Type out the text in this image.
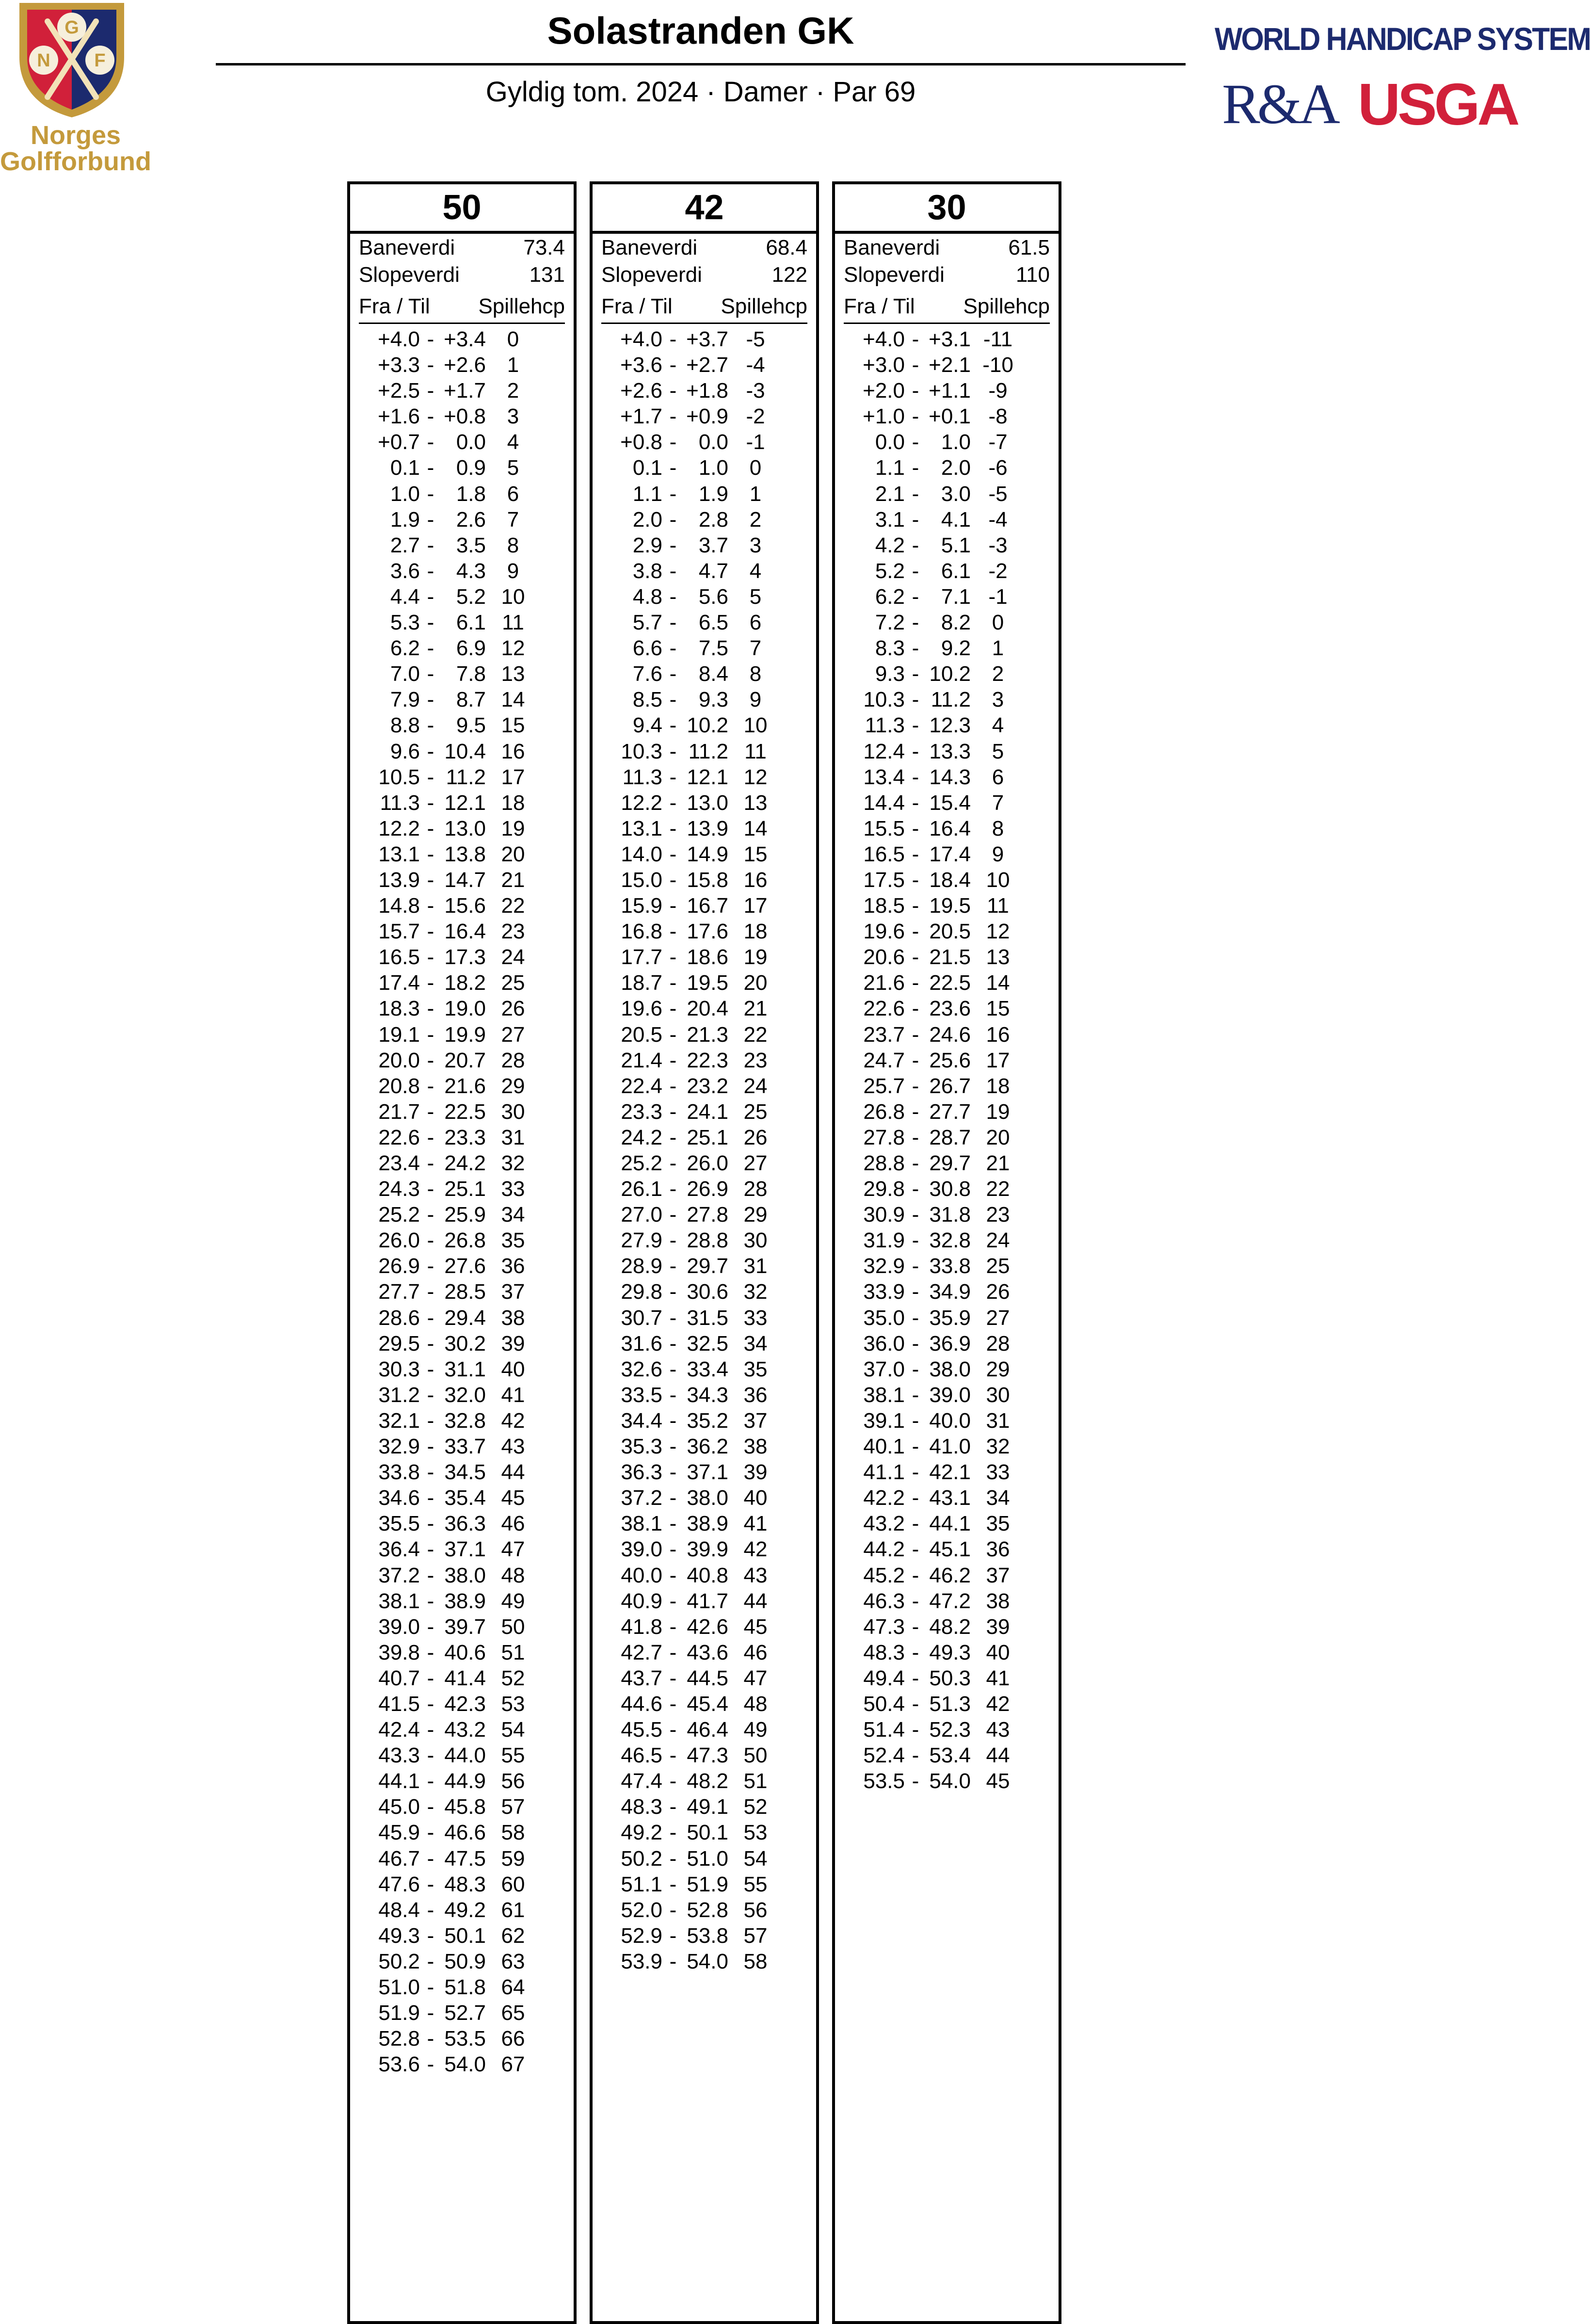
G
N F
Norges
Golfforbund
Solastranden GK
Gyldig tom. 2024 · Damer · Par 69
WORLD HANDICAP SYSTEM
R&A USGA
50
Baneverdi	73.4
Slopeverdi	131
Fra / Til Spillehcp
+4.0 - +3.4 0
+3.3 - +2.6 1
+2.5 - +1.7 2
+1.6 - +0.8 3
+0.7 -	0.0 4
0.1 -	0.9 5
1.0 -	1.8 6
1.9 -	2.6 7
2.7 -	3.5 8
3.6 -	4.3 9
4.4 -	5.2 10
5.3 -	6.1 11
6.2 -	6.9 12
7.0 -	7.8 13
7.9 -	8.7 14
8.8 -	9.5 15
9.6 - 10.4 16
10.5 - 11.2 17
11.3 - 12.1 18
12.2 - 13.0 19
13.1 - 13.8 20
13.9 - 14.7 21
14.8 - 15.6 22
15.7 - 16.4 23
16.5 - 17.3 24
17.4 - 18.2 25
18.3 - 19.0 26
19.1 - 19.9 27
20.0 - 20.7 28
20.8 - 21.6 29
21.7 - 22.5 30
22.6 - 23.3 31
23.4 - 24.2 32
24.3 - 25.1 33
25.2 - 25.9 34
26.0 - 26.8 35
26.9 - 27.6 36
27.7 - 28.5 37
28.6 - 29.4 38
29.5 - 30.2 39
30.3 - 31.1 40
31.2 - 32.0 41
32.1 - 32.8 42
32.9 - 33.7 43
33.8 - 34.5 44
34.6 - 35.4 45
35.5 - 36.3 46
36.4 - 37.1 47
37.2 - 38.0 48
38.1 - 38.9 49
39.0 - 39.7 50
39.8 - 40.6 51
40.7 - 41.4 52
41.5 - 42.3 53
42.4 - 43.2 54
43.3 - 44.0 55
44.1 - 44.9 56
45.0 - 45.8 57
45.9 - 46.6 58
46.7 - 47.5 59
47.6 - 48.3 60
48.4 - 49.2 61
49.3 - 50.1 62
50.2 - 50.9 63
51.0 - 51.8 64
51.9 - 52.7 65
52.8 - 53.5 66
53.6 - 54.0 67
42
Baneverdi	68.4
Slopeverdi	122
Fra / Til Spillehcp
+4.0 - +3.7 -5
+3.6 - +2.7 -4
+2.6 - +1.8 -3
+1.7 - +0.9 -2
+0.8 -	0.0 -1
0.1 -	1.0 0
1.1 -	1.9 1
2.0 -	2.8 2
2.9 -	3.7 3
3.8 -	4.7 4
4.8 -	5.6 5
5.7 -	6.5 6
6.6 -	7.5 7
7.6 -	8.4 8
8.5 -	9.3 9
9.4 - 10.2 10
10.3 - 11.2 11
11.3 - 12.1 12
12.2 - 13.0 13
13.1 - 13.9 14
14.0 - 14.9 15
15.0 - 15.8 16
15.9 - 16.7 17
16.8 - 17.6 18
17.7 - 18.6 19
18.7 - 19.5 20
19.6 - 20.4 21
20.5 - 21.3 22
21.4 - 22.3 23
22.4 - 23.2 24
23.3 - 24.1 25
24.2 - 25.1 26
25.2 - 26.0 27
26.1 - 26.9 28
27.0 - 27.8 29
27.9 - 28.8 30
28.9 - 29.7 31
29.8 - 30.6 32
30.7 - 31.5 33
31.6 - 32.5 34
32.6 - 33.4 35
33.5 - 34.3 36
34.4 - 35.2 37
35.3 - 36.2 38
36.3 - 37.1 39
37.2 - 38.0 40
38.1 - 38.9 41
39.0 - 39.9 42
40.0 - 40.8 43
40.9 - 41.7 44
41.8 - 42.6 45
42.7 - 43.6 46
43.7 - 44.5 47
44.6 - 45.4 48
45.5 - 46.4 49
46.5 - 47.3 50
47.4 - 48.2 51
48.3 - 49.1 52
49.2 - 50.1 53
50.2 - 51.0 54
51.1 - 51.9 55
52.0 - 52.8 56
52.9 - 53.8 57
53.9 - 54.0 58
30
Baneverdi	61.5
Slopeverdi	110
Fra / Til Spillehcp
+4.0 - +3.1 -11
+3.0 - +2.1 -10
+2.0 - +1.1 -9
+1.0 - +0.1 -8
0.0 -	1.0 -7
1.1 -	2.0 -6
2.1 -	3.0 -5
3.1 -	4.1 -4
4.2 -	5.1 -3
5.2 -	6.1 -2
6.2 -	7.1 -1
7.2 -	8.2 0
8.3 -	9.2 1
9.3 - 10.2 2
10.3 - 11.2 3
11.3 - 12.3 4
12.4 - 13.3 5
13.4 - 14.3 6
14.4 - 15.4 7
15.5 - 16.4 8
16.5 - 17.4 9
17.5 - 18.4 10
18.5 - 19.5 11
19.6 - 20.5 12
20.6 - 21.5 13
21.6 - 22.5 14
22.6 - 23.6 15
23.7 - 24.6 16
24.7 - 25.6 17
25.7 - 26.7 18
26.8 - 27.7 19
27.8 - 28.7 20
28.8 - 29.7 21
29.8 - 30.8 22
30.9 - 31.8 23
31.9 - 32.8 24
32.9 - 33.8 25
33.9 - 34.9 26
35.0 - 35.9 27
36.0 - 36.9 28
37.0 - 38.0 29
38.1 - 39.0 30
39.1 - 40.0 31
40.1 - 41.0 32
41.1 - 42.1 33
42.2 - 43.1 34
43.2 - 44.1 35
44.2 - 45.1 36
45.2 - 46.2 37
46.3 - 47.2 38
47.3 - 48.2 39
48.3 - 49.3 40
49.4 - 50.3 41
50.4 - 51.3 42
51.4 - 52.3 43
52.4 - 53.4 44
53.5 - 54.0 45
